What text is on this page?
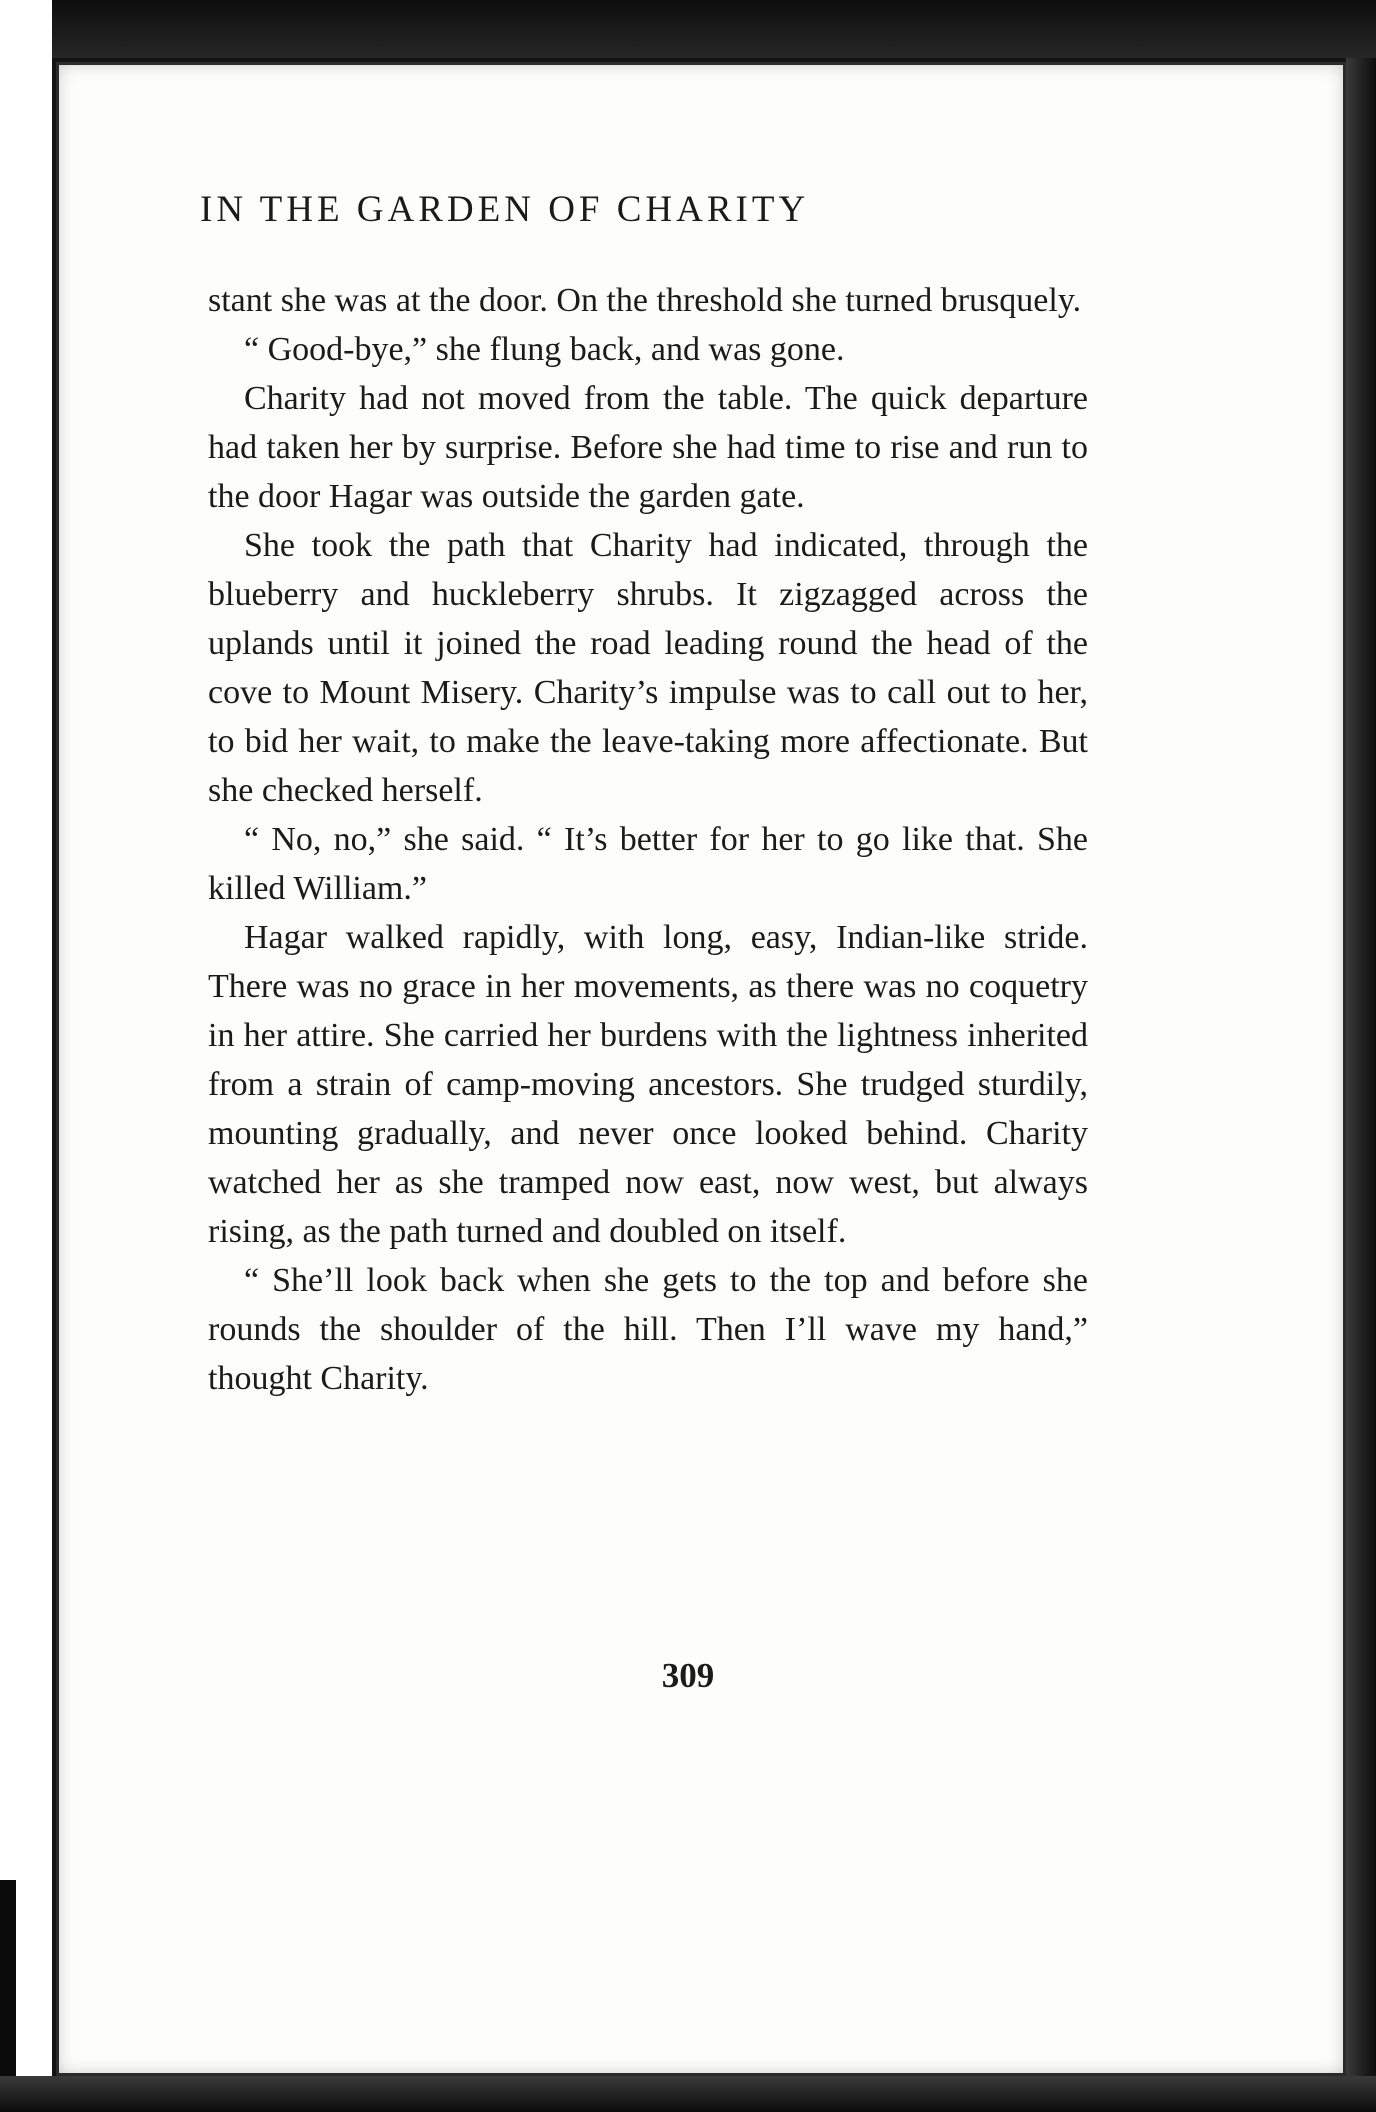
IN THE GARDEN OF CHARITY

stant she was at the door. On the threshold she turned brusquely.

“ Good-bye,” she flung back, and was gone.

Charity had not moved from the table. The quick departure had taken her by surprise. Before she had time to rise and run to the door Hagar was outside the garden gate.

She took the path that Charity had indicated, through the blueberry and huckleberry shrubs. It zigzagged across the uplands until it joined the road leading round the head of the cove to Mount Misery. Charity’s impulse was to call out to her, to bid her wait, to make the leave-taking more affectionate. But she checked herself.

“ No, no,” she said. “ It’s better for her to go like that. She killed William.”

Hagar walked rapidly, with long, easy, Indian-like stride. There was no grace in her movements, as there was no coquetry in her attire. She carried her burdens with the lightness inherited from a strain of camp-moving ancestors. She trudged sturdily, mounting gradually, and never once looked behind. Charity watched her as she tramped now east, now west, but always rising, as the path turned and doubled on itself.

“ She’ll look back when she gets to the top and before she rounds the shoulder of the hill. Then I’ll wave my hand,” thought Charity.

309
